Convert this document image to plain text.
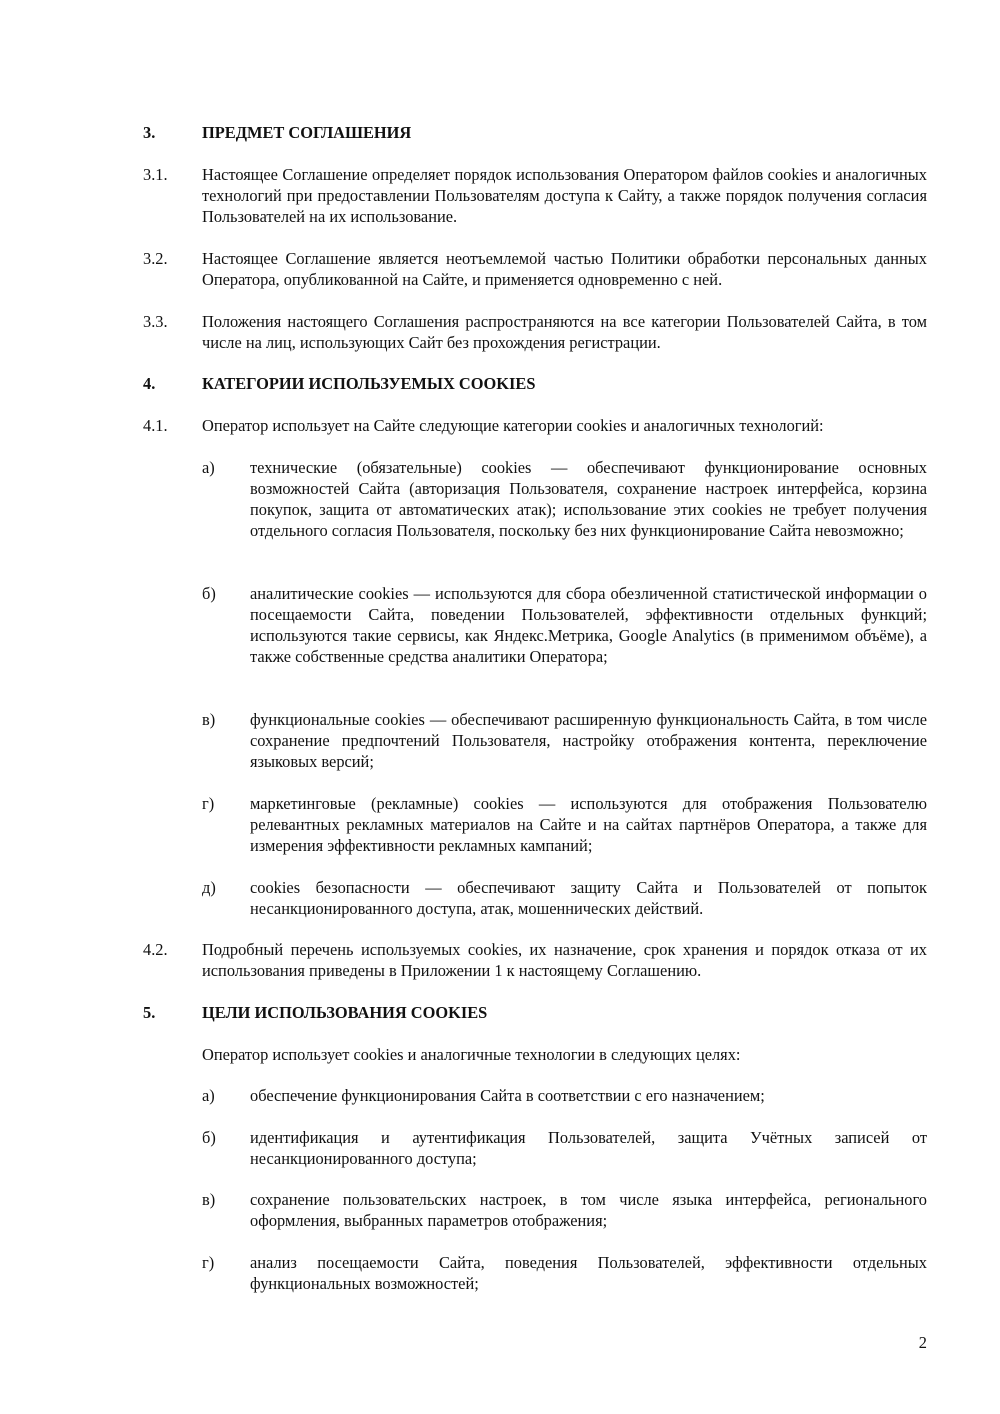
3.	ПРЕДМЕТ СОГЛАШЕНИЯ
3.1. Настоящее Соглашение определяет порядок использования Оператором файлов cookies и аналогичных технологий при предоставлении Пользователям доступа к Сайту, а также порядок получения согласия Пользователей на их использование.
3.2. Настоящее Соглашение является неотъемлемой частью Политики обработки персональных данных Оператора, опубликованной на Сайте, и применяется одновременно с ней.
3.3. Положения настоящего Соглашения распространяются на все категории Пользователей Сайта, в том числе на лиц, использующих Сайт без прохождения регистрации.
4.	КАТЕГОРИИ ИСПОЛЬЗУЕМЫХ COOKIES
4.1. Оператор использует на Сайте следующие категории cookies и аналогичных технологий:
а) технические (обязательные) cookies — обеспечивают функционирование основных возможностей Сайта (авторизация Пользователя, сохранение настроек интерфейса, корзина покупок, защита от автоматических атак); использование этих cookies не требует получения отдельного согласия Пользователя, поскольку без них функционирование Сайта невозможно;
б) аналитические cookies — используются для сбора обезличенной статистической информации о посещаемости Сайта, поведении Пользователей, эффективности отдельных функций; используются такие сервисы, как Яндекс.Метрика, Google Analytics (в применимом объёме), а также собственные средства аналитики Оператора;
в) функциональные cookies — обеспечивают расширенную функциональность Сайта, в том числе сохранение предпочтений Пользователя, настройку отображения контента, переключение языковых версий;
г) маркетинговые (рекламные) cookies — используются для отображения Пользователю релевантных рекламных материалов на Сайте и на сайтах партнёров Оператора, а также для измерения эффективности рекламных кампаний;
д) cookies безопасности — обеспечивают защиту Сайта и Пользователей от попыток несанкционированного доступа, атак, мошеннических действий.
4.2. Подробный перечень используемых cookies, их назначение, срок хранения и порядок отказа от их использования приведены в Приложении 1 к настоящему Соглашению.
5.	ЦЕЛИ ИСПОЛЬЗОВАНИЯ COOKIES
Оператор использует cookies и аналогичные технологии в следующих целях:
а) обеспечение функционирования Сайта в соответствии с его назначением;
б) идентификация и аутентификация Пользователей, защита Учётных записей от несанкционированного доступа;
в) сохранение пользовательских настроек, в том числе языка интерфейса, регионального оформления, выбранных параметров отображения;
г) анализ посещаемости Сайта, поведения Пользователей, эффективности отдельных функциональных возможностей;
2
